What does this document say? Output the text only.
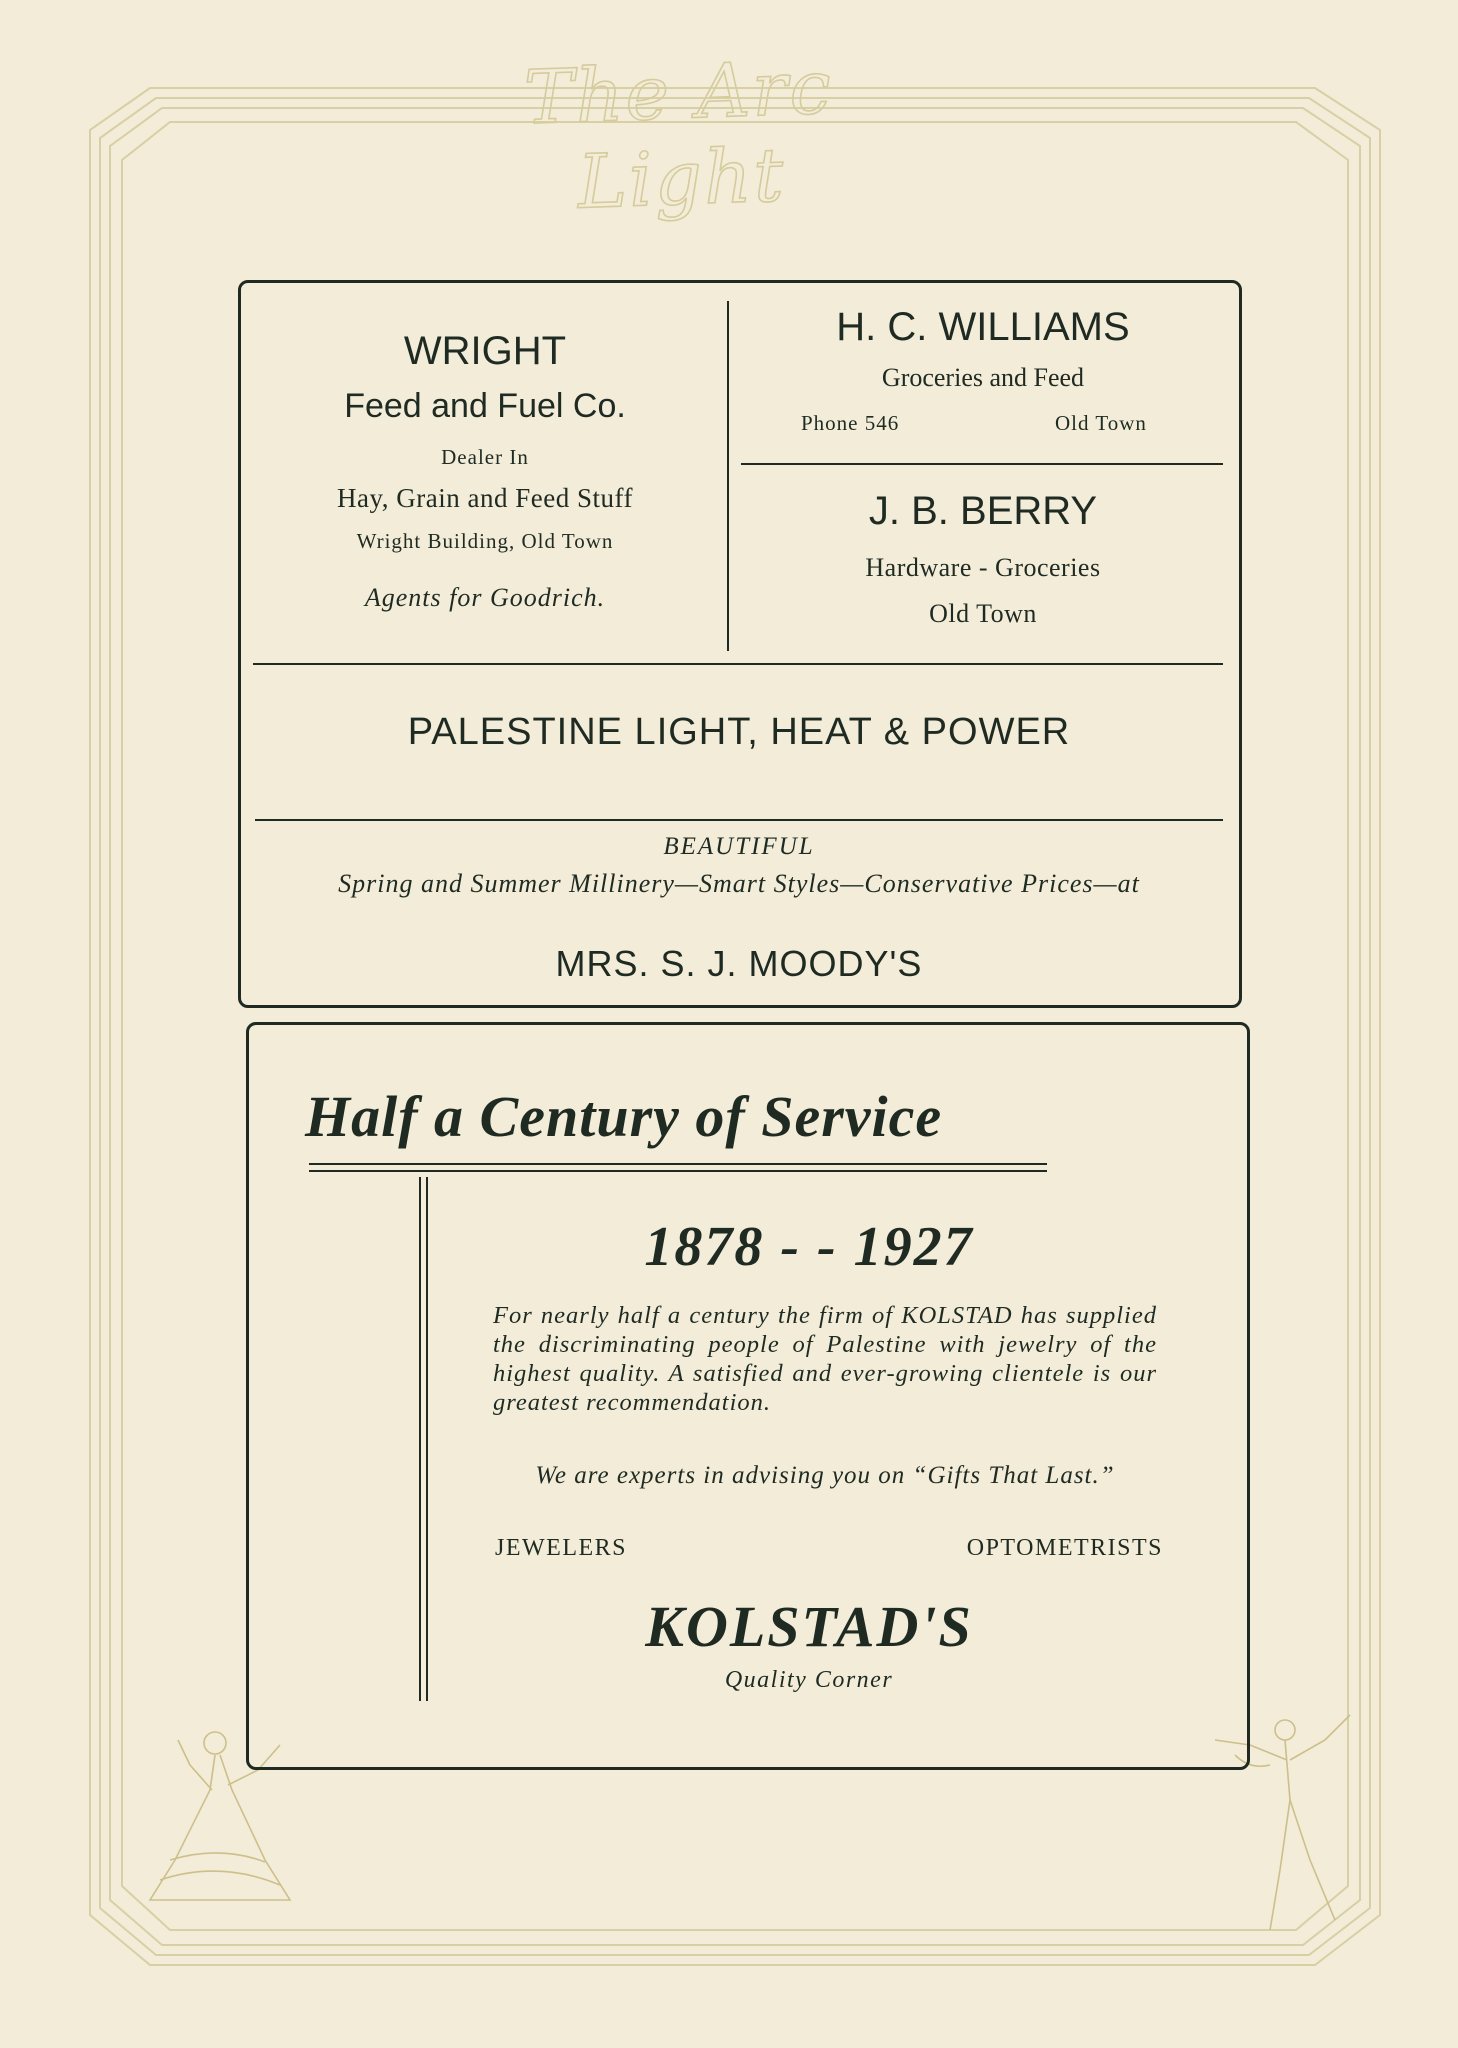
The Arc Light
WRIGHT
Feed and Fuel Co.
Dealer In
Hay, Grain and Feed Stuff
Wright Building, Old Town
Agents for Goodrich.
H. C. WILLIAMS
Groceries and Feed
Phone 546	Old Town
J. B. BERRY
Hardware - Groceries
Old Town
PALESTINE LIGHT, HEAT & POWER
BEAUTIFUL
Spring and Summer Millinery—Smart Styles—Conservative Prices—at
MRS. S. J. MOODY'S
Half a Century of Service
1878 - - 1927
For nearly half a century the firm of KOLSTAD has supplied the discriminating people of Palestine with jewelry of the highest quality. A satisfied and ever-growing clientele is our greatest recommendation.
We are experts in advising you on “Gifts That Last.”
JEWELERS	OPTOMETRISTS
KOLSTAD'S
Quality Corner
